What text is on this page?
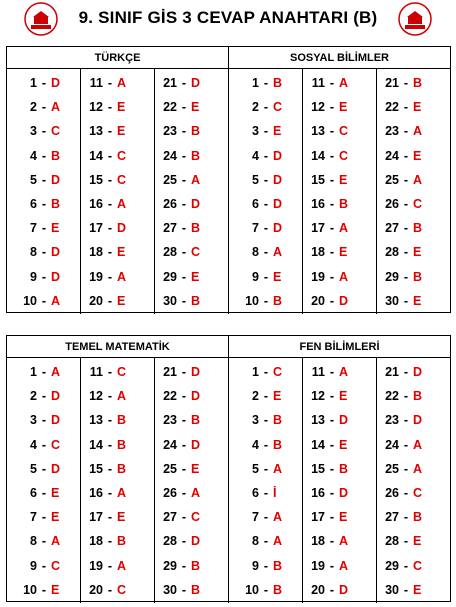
9. SINIF GİS 3 CEVAP ANAHTARI (B)
TÜRKÇE	SOSYAL BİLİMLER
1 - D
2 - A
3 - C
4 - B
5 - D
6 - B
7 - E
8 - D
9 - D
10 - A
11 - A
12 - E
13 - E
14 - C
15 - C
16 - A
17 - D
18 - E
19 - A
20 - E
21 - D
22 - E
23 - B
24 - B
25 - A
26 - D
27 - B
28 - C
29 - E
30 - B
1 - B
2 - C
3 - E
4 - D
5 - D
6 - D
7 - D
8 - A
9 - E
10 - B
11 - A
12 - E
13 - C
14 - C
15 - E
16 - B
17 - A
18 - E
19 - A
20 - D
21 - B
22 - E
23 - A
24 - E
25 - A
26 - C
27 - B
28 - E
29 - B
30 - E
TEMEL MATEMATİK	FEN BİLİMLERİ
1 - A
2 - D
3 - D
4 - C
5 - D
6 - E
7 - E
8 - A
9 - C
10 - E
11 - C
12 - A
13 - B
14 - B
15 - B
16 - A
17 - E
18 - B
19 - A
20 - C
21 - D
22 - D
23 - B
24 - D
25 - E
26 - A
27 - C
28 - D
29 - B
30 - B
1 - C
2 - E
3 - B
4 - B
5 - A
6 - İ
7 - A
8 - A
9 - B
10 - B
11 - A
12 - E
13 - D
14 - E
15 - B
16 - D
17 - E
18 - A
19 - A
20 - D
21 - D
22 - B
23 - D
24 - A
25 - A
26 - C
27 - B
28 - E
29 - C
30 - E
